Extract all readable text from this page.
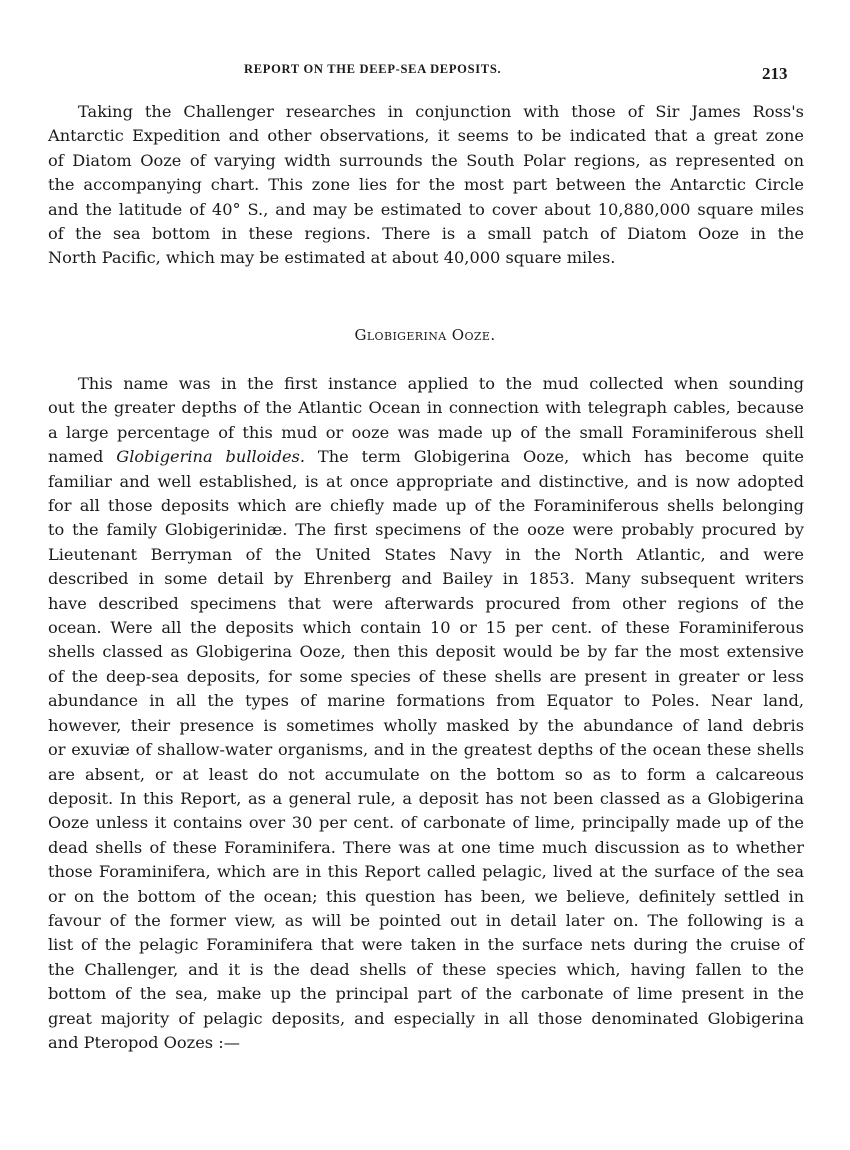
REPORT ON THE DEEP-SEA DEPOSITS.	213
Taking the Challenger researches in conjunction with those of Sir James Ross's
Antarctic Expedition and other observations, it seems to be indicated that a great zone
of Diatom Ooze of varying width surrounds the South Polar regions, as represented on
the accompanying chart. This zone lies for the most part between the Antarctic Circle
and the latitude of 40° S., and may be estimated to cover about 10,880,000 square miles
of the sea bottom in these regions. There is a small patch of Diatom Ooze in the
North Pacific, which may be estimated at about 40,000 square miles.
Globigerina Ooze.
This name was in the first instance applied to the mud collected when sounding
out the greater depths of the Atlantic Ocean in connection with telegraph cables, because
a large percentage of this mud or ooze was made up of the small Foraminiferous shell
named Globigerina bulloides. The term Globigerina Ooze, which has become quite
familiar and well established, is at once appropriate and distinctive, and is now adopted
for all those deposits which are chiefly made up of the Foraminiferous shells belonging
to the family Globigerinidæ. The first specimens of the ooze were probably procured by
Lieutenant Berryman of the United States Navy in the North Atlantic, and were
described in some detail by Ehrenberg and Bailey in 1853. Many subsequent writers
have described specimens that were afterwards procured from other regions of the
ocean. Were all the deposits which contain 10 or 15 per cent. of these Foraminiferous
shells classed as Globigerina Ooze, then this deposit would be by far the most extensive
of the deep-sea deposits, for some species of these shells are present in greater or less
abundance in all the types of marine formations from Equator to Poles. Near land,
however, their presence is sometimes wholly masked by the abundance of land debris
or exuviæ of shallow-water organisms, and in the greatest depths of the ocean these shells
are absent, or at least do not accumulate on the bottom so as to form a calcareous
deposit. In this Report, as a general rule, a deposit has not been classed as a Globigerina
Ooze unless it contains over 30 per cent. of carbonate of lime, principally made up of the
dead shells of these Foraminifera. There was at one time much discussion as to whether
those Foraminifera, which are in this Report called pelagic, lived at the surface of the sea
or on the bottom of the ocean; this question has been, we believe, definitely settled in
favour of the former view, as will be pointed out in detail later on. The following is a
list of the pelagic Foraminifera that were taken in the surface nets during the cruise of
the Challenger, and it is the dead shells of these species which, having fallen to the
bottom of the sea, make up the principal part of the carbonate of lime present in the
great majority of pelagic deposits, and especially in all those denominated Globigerina
and Pteropod Oozes :—
